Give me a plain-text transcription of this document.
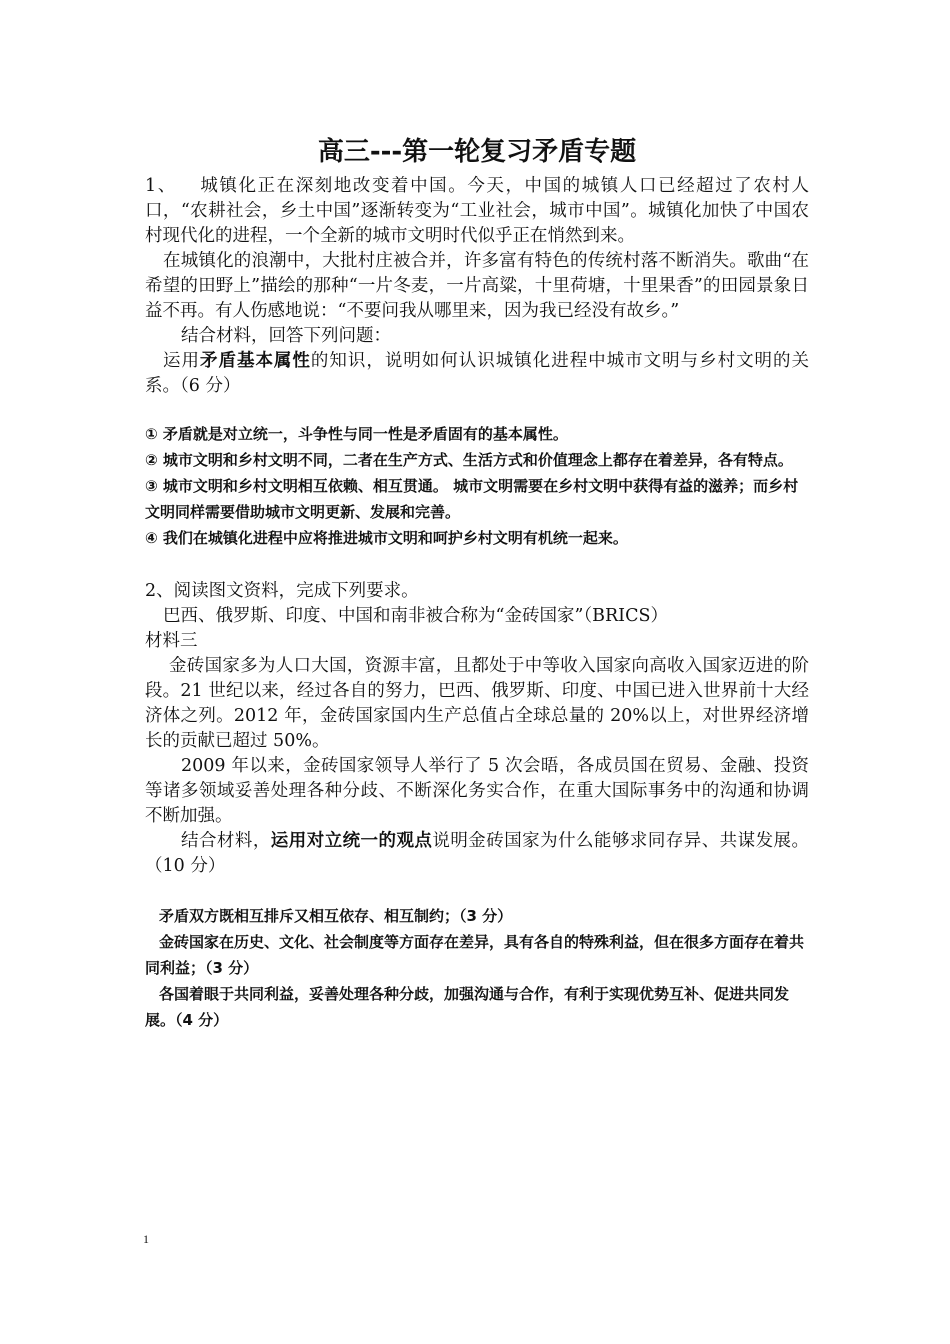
高三---第一轮复习矛盾专题

1、 城镇化正在深刻地改变着中国。今天，中国的城镇人口已经超过了农村人口，“农耕社会，乡土中国”逐渐转变为“工业社会，城市中国”。城镇化加快了中国农村现代化的进程，一个全新的城市文明时代似乎正在悄然到来。

在城镇化的浪潮中，大批村庄被合并，许多富有特色的传统村落不断消失。歌曲“在希望的田野上”描绘的那种“一片冬麦，一片高粱，十里荷塘，十里果香”的田园景象日益不再。有人伤感地说：“不要问我从哪里来，因为我已经没有故乡。”

结合材料，回答下列问题：

运用矛盾基本属性的知识，说明如何认识城镇化进程中城市文明与乡村文明的关系。（6 分）

① 矛盾就是对立统一，斗争性与同一性是矛盾固有的基本属性。

② 城市文明和乡村文明不同，二者在生产方式、生活方式和价值理念上都存在着差异，各有特点。

③ 城市文明和乡村文明相互依赖、相互贯通。 城市文明需要在乡村文明中获得有益的滋养；而乡村文明同样需要借助城市文明更新、发展和完善。

④ 我们在城镇化进程中应将推进城市文明和呵护乡村文明有机统一起来。

2、阅读图文资料，完成下列要求。

巴西、俄罗斯、印度、中国和南非被合称为“金砖国家”（BRICS）

材料三

金砖国家多为人口大国，资源丰富，且都处于中等收入国家向高收入国家迈进的阶段。21 世纪以来，经过各自的努力，巴西、俄罗斯、印度、中国已进入世界前十大经济体之列。2012 年，金砖国家国内生产总值占全球总量的 20%以上，对世界经济增长的贡献已超过 50%。

2009 年以来，金砖国家领导人举行了 5 次会晤，各成员国在贸易、金融、投资等诸多领域妥善处理各种分歧、不断深化务实合作，在重大国际事务中的沟通和协调不断加强。

结合材料，运用对立统一的观点说明金砖国家为什么能够求同存异、共谋发展。（10 分）

矛盾双方既相互排斥又相互依存、相互制约；（3 分）

金砖国家在历史、文化、社会制度等方面存在差异，具有各自的特殊利益，但在很多方面存在着共同利益；（3 分）

各国着眼于共同利益，妥善处理各种分歧，加强沟通与合作，有利于实现优势互补、促进共同发展。（4 分）

1
